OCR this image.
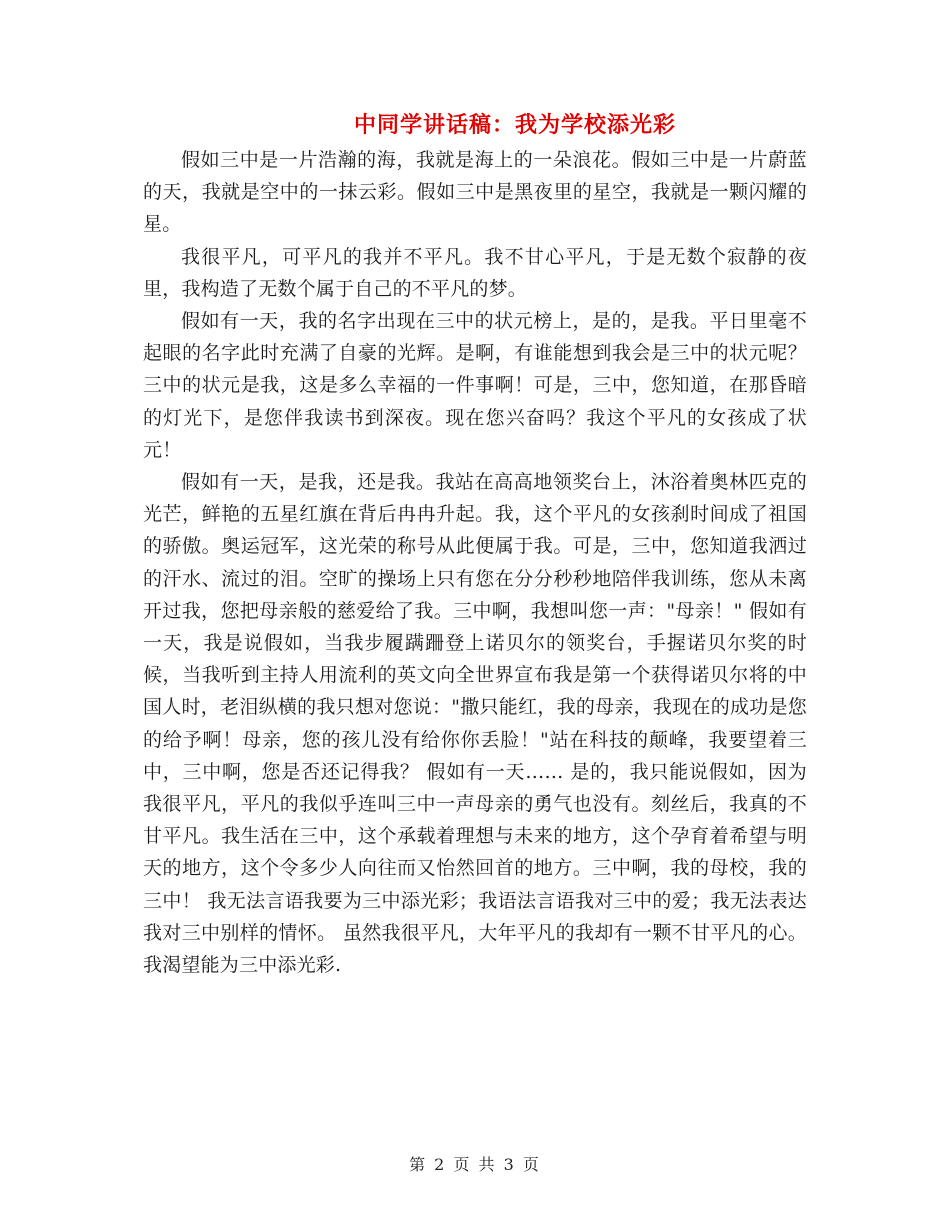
中同学讲话稿：我为学校添光彩

假如三中是一片浩瀚的海，我就是海上的一朵浪花。假如三中是一片蔚蓝的天，我就是空中的一抹云彩。假如三中是黑夜里的星空，我就是一颗闪耀的星。

我很平凡，可平凡的我并不平凡。我不甘心平凡，于是无数个寂静的夜里，我构造了无数个属于自己的不平凡的梦。

假如有一天，我的名字出现在三中的状元榜上，是的，是我。平日里毫不起眼的名字此时充满了自豪的光辉。是啊，有谁能想到我会是三中的状元呢？三中的状元是我，这是多么幸福的一件事啊！可是，三中，您知道，在那昏暗的灯光下，是您伴我读书到深夜。现在您兴奋吗？我这个平凡的女孩成了状元！

假如有一天，是我，还是我。我站在高高地领奖台上，沐浴着奥林匹克的光芒，鲜艳的五星红旗在背后冉冉升起。我，这个平凡的女孩刹时间成了祖国的骄傲。奥运冠军，这光荣的称号从此便属于我。可是，三中，您知道我洒过的汗水、流过的泪。空旷的操场上只有您在分分秒秒地陪伴我训练，您从未离开过我，您把母亲般的慈爱给了我。三中啊，我想叫您一声："母亲！" 假如有一天，我是说假如，当我步履蹒跚登上诺贝尔的领奖台，手握诺贝尔奖的时候，当我听到主持人用流利的英文向全世界宣布我是第一个获得诺贝尔将的中国人时，老泪纵横的我只想对您说："撒只能红，我的母亲，我现在的成功是您的给予啊！母亲，您的孩儿没有给你你丢脸！"站在科技的颠峰，我要望着三中，三中啊，您是否还记得我？ 假如有一天…… 是的，我只能说假如，因为我很平凡，平凡的我似乎连叫三中一声母亲的勇气也没有。刻丝后，我真的不甘平凡。我生活在三中，这个承载着理想与未来的地方，这个孕育着希望与明天的地方，这个令多少人向往而又怡然回首的地方。三中啊，我的母校，我的三中！ 我无法言语我要为三中添光彩；我语法言语我对三中的爱；我无法表达我对三中别样的情怀。 虽然我很平凡，大年平凡的我却有一颗不甘平凡的心。我渴望能为三中添光彩.

第 2 页 共 3 页
